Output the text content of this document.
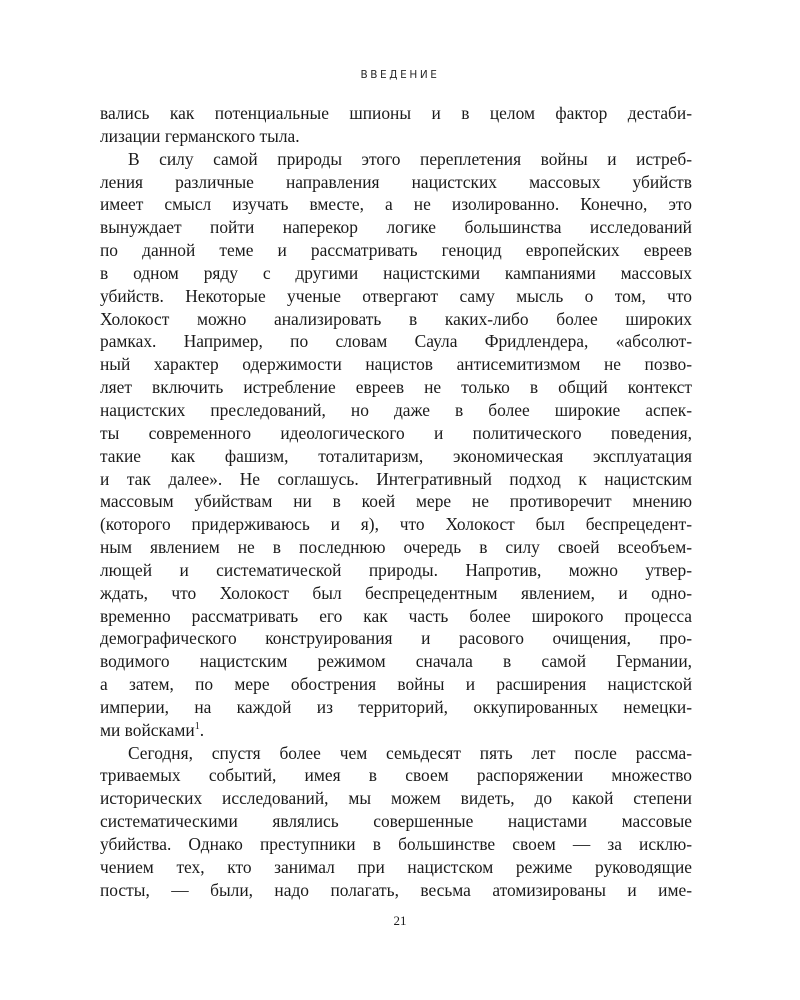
ВВЕДЕНИЕ
вались как потенциальные шпионы и в целом фактор дестаби-
лизации германского тыла.
В силу самой природы этого переплетения войны и истреб-
ления различные направления нацистских массовых убийств
имеет смысл изучать вместе, а не изолированно. Конечно, это
вынуждает пойти наперекор логике большинства исследований
по данной теме и рассматривать геноцид европейских евреев
в одном ряду с другими нацистскими кампаниями массовых
убийств. Некоторые ученые отвергают саму мысль о том, что
Холокост можно анализировать в каких-либо более широких
рамках. Например, по словам Саула Фридлендера, «абсолют-
ный характер одержимости нацистов антисемитизмом не позво-
ляет включить истребление евреев не только в общий контекст
нацистских преследований, но даже в более широкие аспек-
ты современного идеологического и политического поведения,
такие как фашизм, тоталитаризм, экономическая эксплуатация
и так далее». Не соглашусь. Интегративный подход к нацистским
массовым убийствам ни в коей мере не противоречит мнению
(которого придерживаюсь и я), что Холокост был беспрецедент-
ным явлением не в последнюю очередь в силу своей всеобъем-
лющей и систематической природы. Напротив, можно утвер-
ждать, что Холокост был беспрецедентным явлением, и одно-
временно рассматривать его как часть более широкого процесса
демографического конструирования и расового очищения, про-
водимого нацистским режимом сначала в самой Германии,
а затем, по мере обострения войны и расширения нацистской
империи, на каждой из территорий, оккупированных немецки-
ми войсками$^1$.
Сегодня, спустя более чем семьдесят пять лет после рассма-
триваемых событий, имея в своем распоряжении множество
исторических исследований, мы можем видеть, до какой степени
систематическими являлись совершенные нацистами массовые
убийства. Однако преступники в большинстве своем — за исклю-
чением тех, кто занимал при нацистском режиме руководящие
посты, — были, надо полагать, весьма атомизированы и име-
21
